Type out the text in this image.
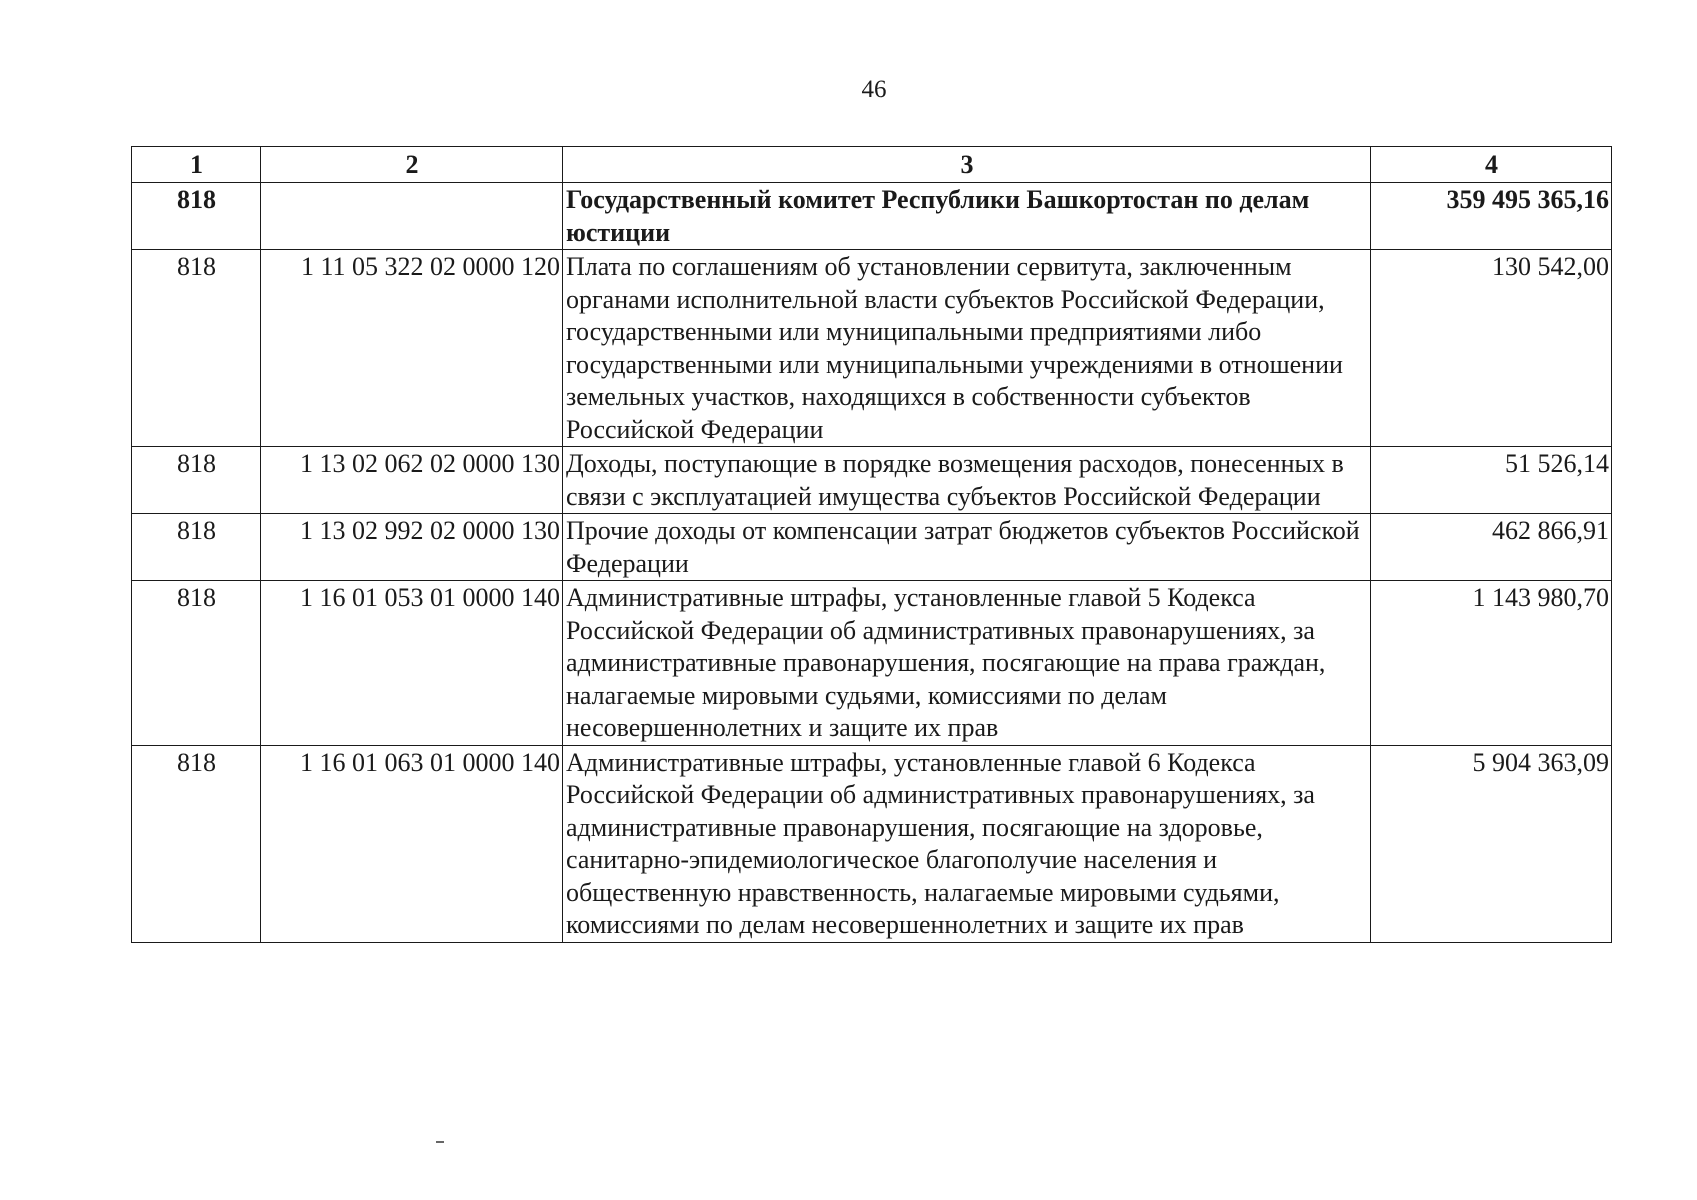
46
1	2	3	4
818		Государственный комитет Республики Башкортостан по делам юстиции	359 495 365,16
818	1 11 05 322 02 0000 120	Плата по соглашениям об установлении сервитута, заключенным органами исполнительной власти субъектов Российской Федерации, государственными или муниципальными предприятиями либо государственными или муниципальными учреждениями в отношении земельных участков, находящихся в собственности субъектов Российской Федерации	130 542,00
818	1 13 02 062 02 0000 130	Доходы, поступающие в порядке возмещения расходов, понесенных в связи с эксплуатацией имущества субъектов Российской Федерации	51 526,14
818	1 13 02 992 02 0000 130	Прочие доходы от компенсации затрат бюджетов субъектов Российской Федерации	462 866,91
818	1 16 01 053 01 0000 140	Административные штрафы, установленные главой 5 Кодекса Российской Федерации об административных правонарушениях, за административные правонарушения, посягающие на права граждан, налагаемые мировыми судьями, комиссиями по делам несовершеннолетних и защите их прав	1 143 980,70
818	1 16 01 063 01 0000 140	Административные штрафы, установленные главой 6 Кодекса Российской Федерации об административных правонарушениях, за административные правонарушения, посягающие на здоровье, санитарно-эпидемиологическое благополучие населения и общественную нравственность, налагаемые мировыми судьями, комиссиями по делам несовершеннолетних и защите их прав	5 904 363,09
